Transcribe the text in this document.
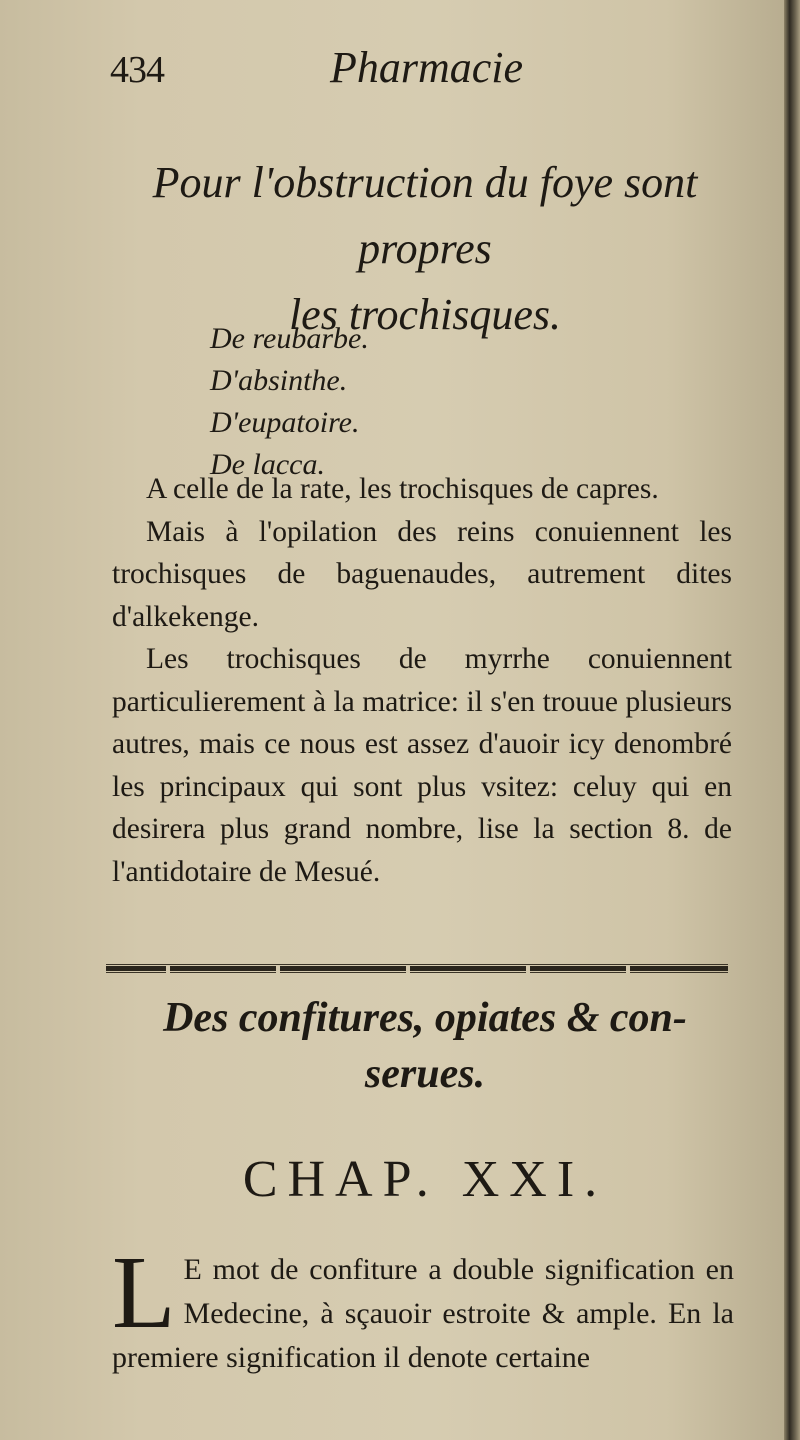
434	Pharmacie
Pour l'obstruction du foye sont propres
les trochisques.
De reubarbe.
D'absinthe.
D'eupatoire.
De lacca.

A celle de la rate, les trochisques de capres.

Mais à l'opilation des reins conuiennent les trochisques de baguenaudes, autrement dites d'alkekenge.

Les trochisques de myrrhe conuiennent particulierement à la matrice: il s'en trouue plusieurs autres, mais ce nous est assez d'auoir icy denombré les principaux qui sont plus vsitez: celuy qui en desirera plus grand nombre, lise la section 8. de l'antidotaire de Mesué.

Des confitures, opiates & con-
serues.
CHAP. XXI.
L E mot de confiture a double signification en Medecine, à sçauoir estroite & ample. En la premiere signification il denote certaine
